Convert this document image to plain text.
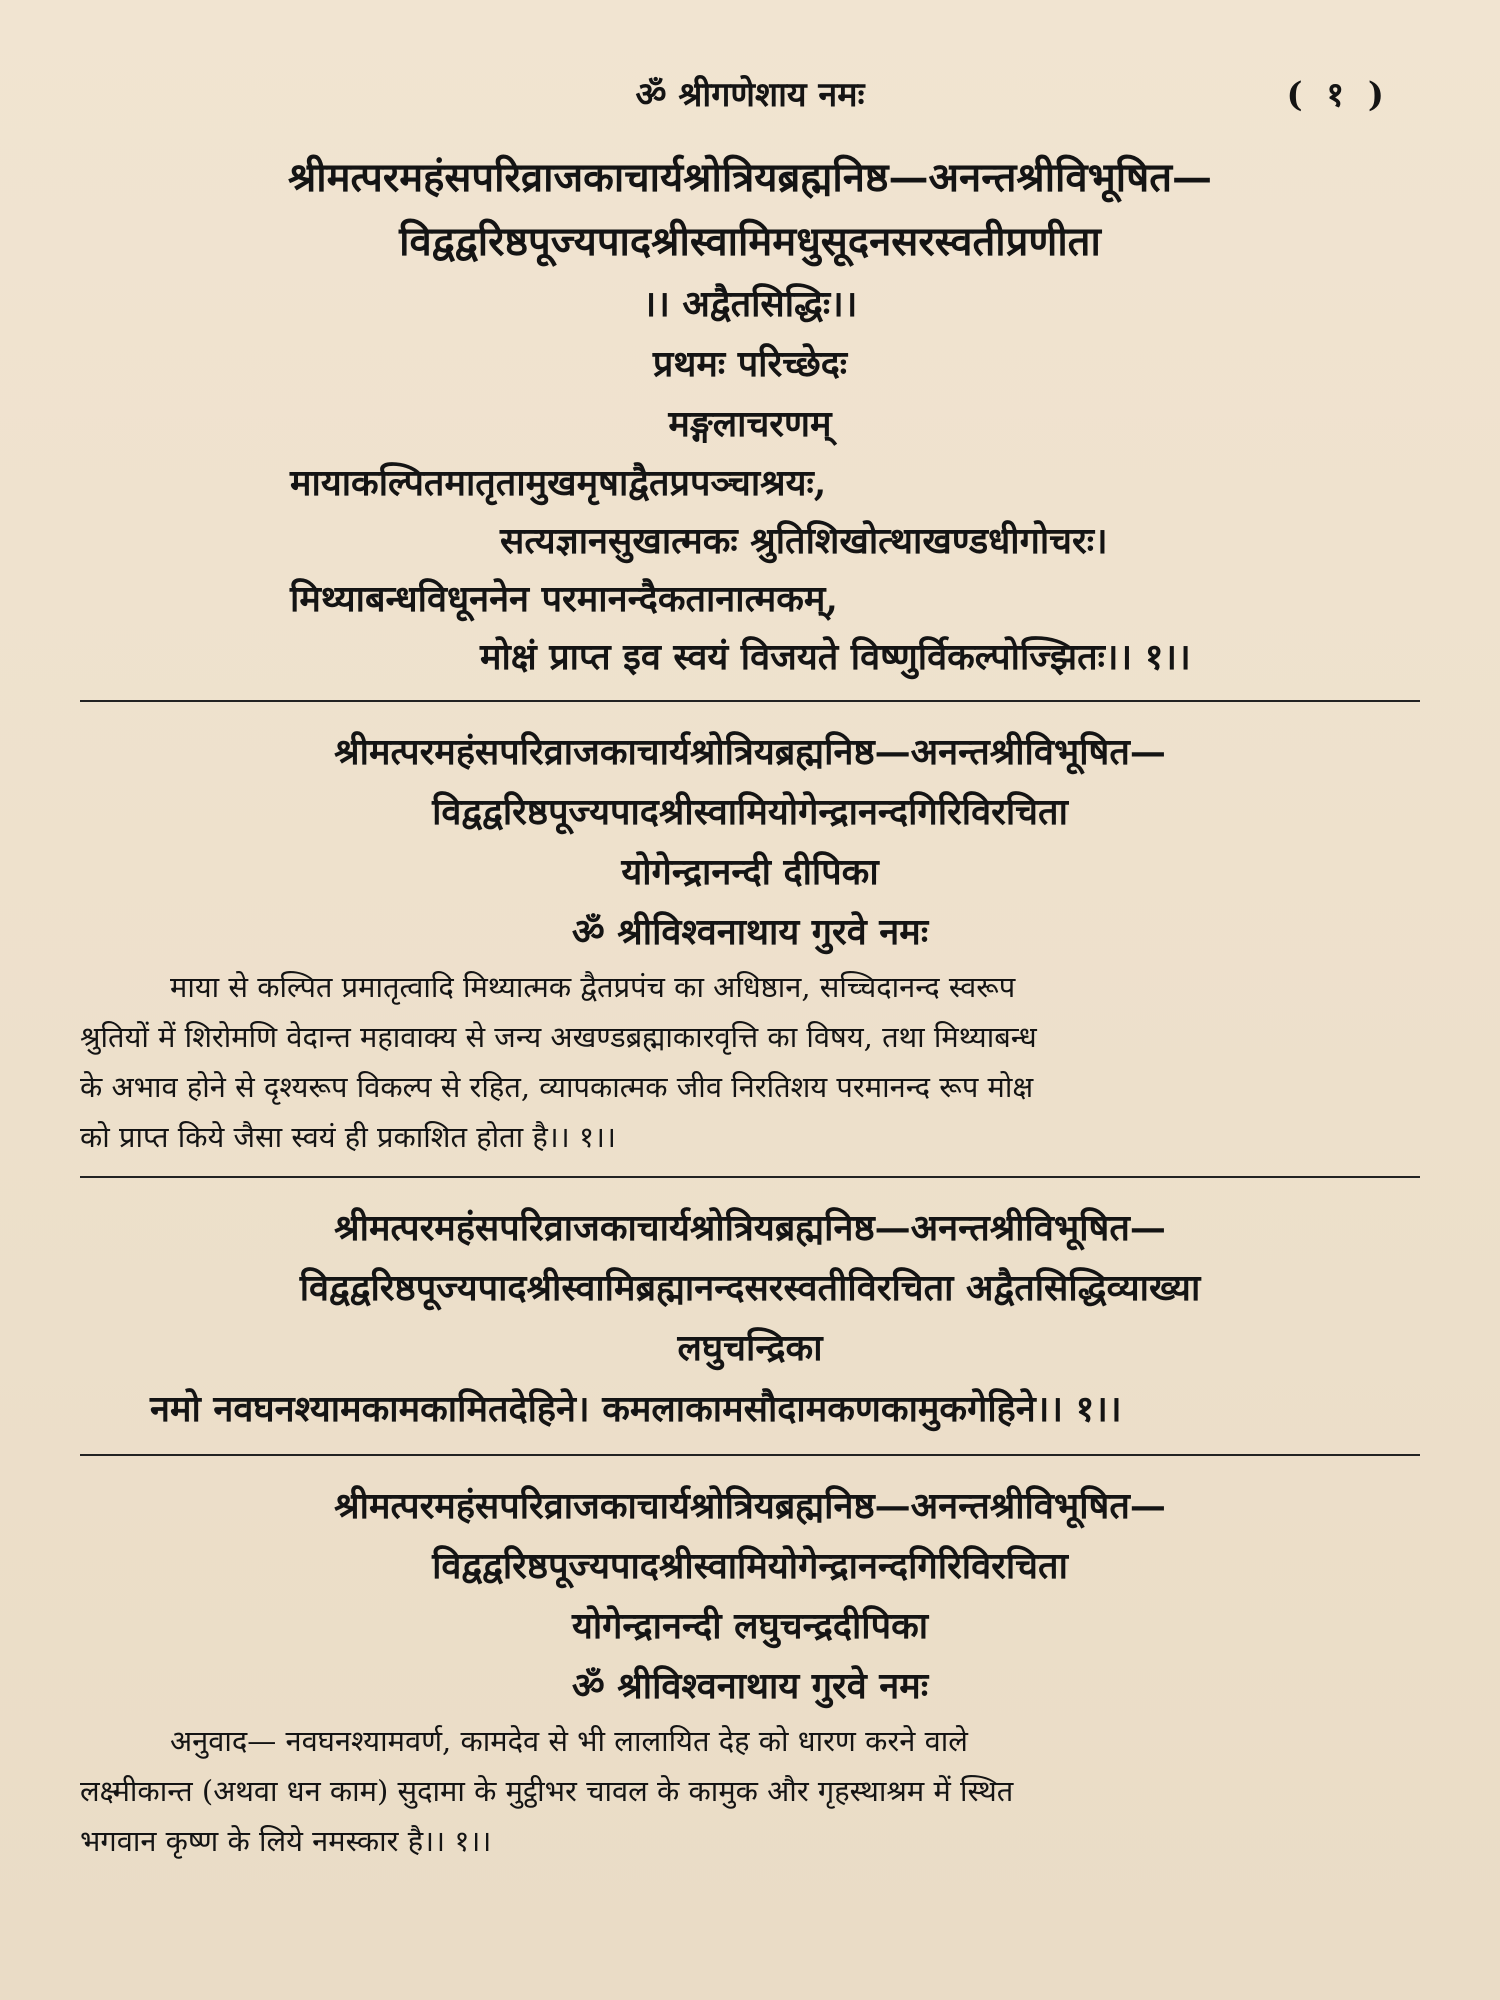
ॐ श्रीगणेशाय नमः	( १ )
श्रीमत्परमहंसपरिव्राजकाचार्यश्रोत्रियब्रह्मनिष्ठ—अनन्तश्रीविभूषित—
विद्वद्वरिष्ठपूज्यपादश्रीस्वामिमधुसूदनसरस्वतीप्रणीता
।। अद्वैतसिद्धिः।।
प्रथमः परिच्छेदः
मङ्गलाचरणम्
मायाकल्पितमातृतामुखमृषाद्वैतप्रपञ्चाश्रयः,
सत्यज्ञानसुखात्मकः श्रुतिशिखोत्थाखण्डधीगोचरः।
मिथ्याबन्धविधूननेन परमानन्दैकतानात्मकम्,
मोक्षं प्राप्त इव स्वयं विजयते विष्णुर्विकल्पोज्झितः।। १।।
श्रीमत्परमहंसपरिव्राजकाचार्यश्रोत्रियब्रह्मनिष्ठ—अनन्तश्रीविभूषित—
विद्वद्वरिष्ठपूज्यपादश्रीस्वामियोगेन्द्रानन्दगिरिविरचिता
योगेन्द्रानन्दी दीपिका
ॐ श्रीविश्वनाथाय गुरवे नमः
माया से कल्पित प्रमातृत्वादि मिथ्यात्मक द्वैतप्रपंच का अधिष्ठान, सच्चिदानन्द स्वरूप
श्रुतियों में शिरोमणि वेदान्त महावाक्य से जन्य अखण्डब्रह्माकारवृत्ति का विषय, तथा मिथ्याबन्ध
के अभाव होने से दृश्यरूप विकल्प से रहित, व्यापकात्मक जीव निरतिशय परमानन्द रूप मोक्ष
को प्राप्त किये जैसा स्वयं ही प्रकाशित होता है।। १।।
श्रीमत्परमहंसपरिव्राजकाचार्यश्रोत्रियब्रह्मनिष्ठ—अनन्तश्रीविभूषित—
विद्वद्वरिष्ठपूज्यपादश्रीस्वामिब्रह्मानन्दसरस्वतीविरचिता अद्वैतसिद्धिव्याख्या
लघुचन्द्रिका
नमो नवघनश्यामकामकामितदेहिने। कमलाकामसौदामकणकामुकगेहिने।। १।।
श्रीमत्परमहंसपरिव्राजकाचार्यश्रोत्रियब्रह्मनिष्ठ—अनन्तश्रीविभूषित—
विद्वद्वरिष्ठपूज्यपादश्रीस्वामियोगेन्द्रानन्दगिरिविरचिता
योगेन्द्रानन्दी लघुचन्द्रदीपिका
ॐ श्रीविश्वनाथाय गुरवे नमः
अनुवाद— नवघनश्यामवर्ण, कामदेव से भी लालायित देह को धारण करने वाले
लक्ष्मीकान्त (अथवा धन काम) सुदामा के मुट्ठीभर चावल के कामुक और गृहस्थाश्रम में स्थित
भगवान कृष्ण के लिये नमस्कार है।। १।।
